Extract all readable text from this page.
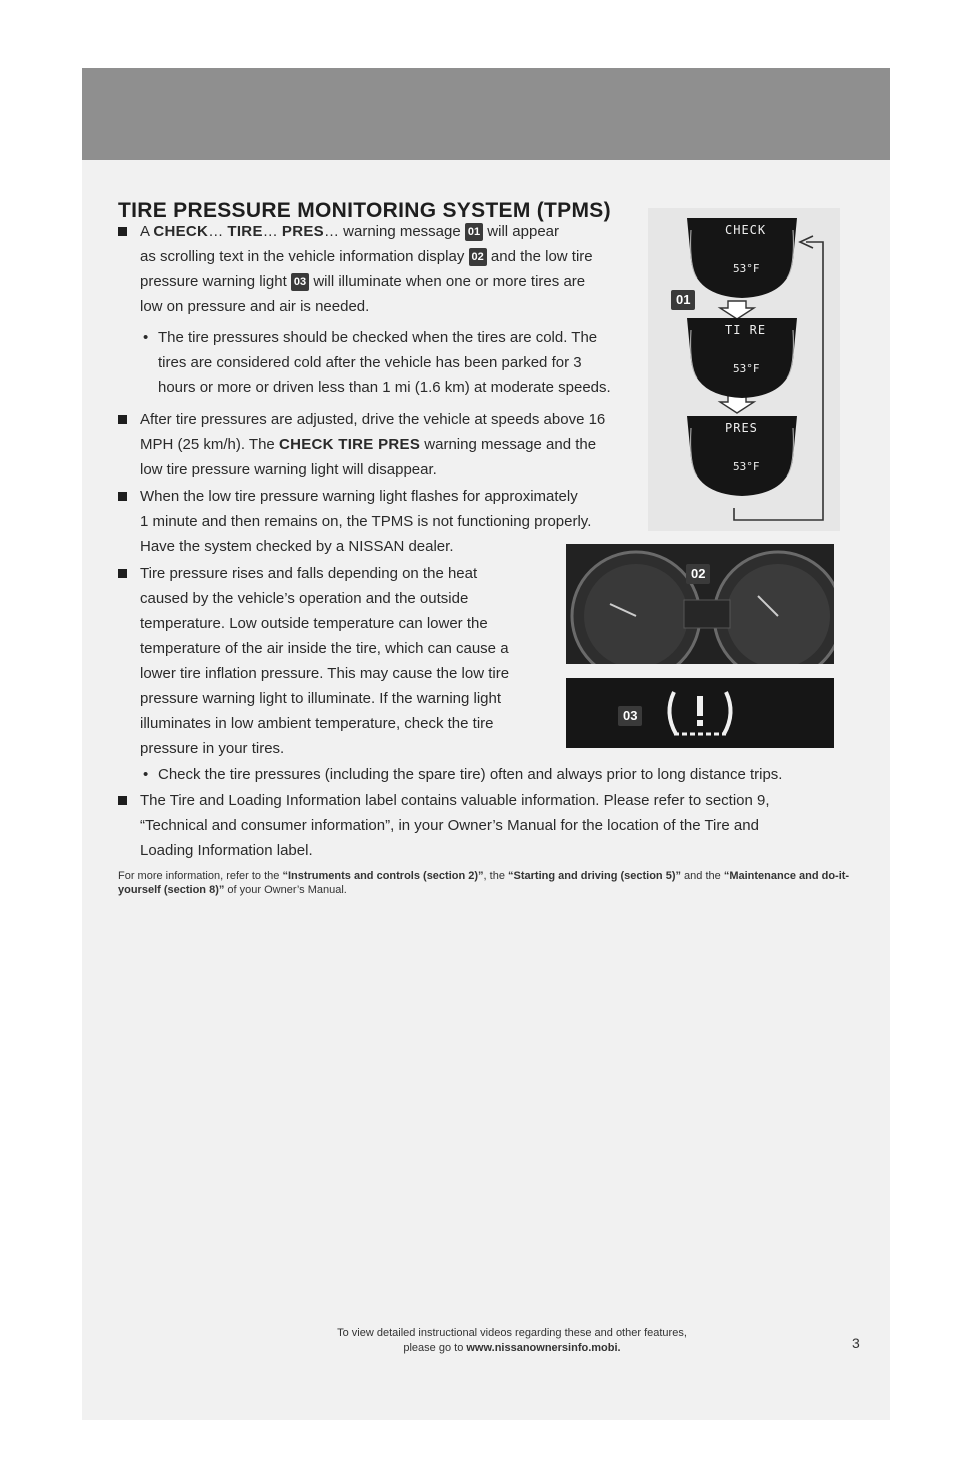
TIRE PRESSURE MONITORING SYSTEM (TPMS)
A CHECK… TIRE… PRES… warning message 01 will appear
as scrolling text in the vehicle information display 02 and the low tire
pressure warning light 03 will illuminate when one or more tires are
low on pressure and air is needed.
• The tire pressures should be checked when the tires are cold. The
tires are considered cold after the vehicle has been parked for 3
hours or more or driven less than 1 mi (1.6 km) at moderate speeds.
After tire pressures are adjusted, drive the vehicle at speeds above 16
MPH (25 km/h). The CHECK TIRE PRES warning message and the
low tire pressure warning light will disappear.
When the low tire pressure warning light flashes for approximately
1 minute and then remains on, the TPMS is not functioning properly.
Have the system checked by a NISSAN dealer.
Tire pressure rises and falls depending on the heat
caused by the vehicle’s operation and the outside
temperature. Low outside temperature can lower the
temperature of the air inside the tire, which can cause a
lower tire inflation pressure. This may cause the low tire
pressure warning light to illuminate. If the warning light
illuminates in low ambient temperature, check the tire
pressure in your tires.
• Check the tire pressures (including the spare tire) often and always prior to long distance trips.
The Tire and Loading Information label contains valuable information. Please refer to section 9,
“Technical and consumer information”, in your Owner’s Manual for the location of the Tire and
Loading Information label.

For more information, refer to the “Instruments and controls (section 2)”, the “Starting and driving (section 5)” and the “Maintenance and do-it-yourself (section 8)” of your Owner’s Manual.

CHECK
53°F
TI RE
53°F
PRES
53°F
01
02
03
To view detailed instructional videos regarding these and other features,
please go to www.nissanownersinfo.mobi.	3
